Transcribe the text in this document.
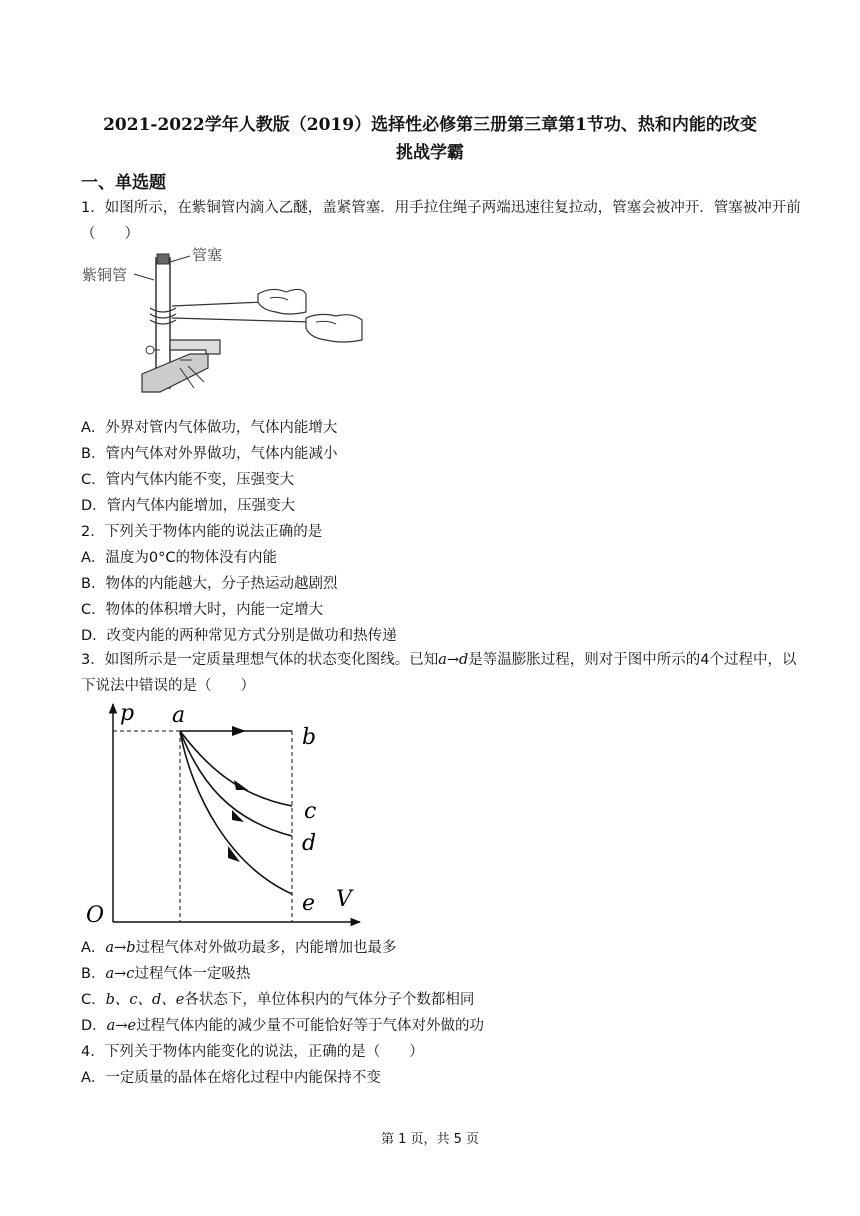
2021-2022学年人教版（2019）选择性必修第三册第三章第1节功、热和内能的改变
挑战学霸
一、单选题
1．如图所示，在紫铜管内滴入乙醚，盖紧管塞．用手拉住绳子两端迅速往复拉动，管塞会被冲开．管塞被冲开前（　　）
紫铜管
管塞
A．外界对管内气体做功，气体内能增大
B．管内气体对外界做功，气体内能减小
C．管内气体内能不变，压强变大
D．管内气体内能增加，压强变大
2．下列关于物体内能的说法正确的是
A．温度为0°C的物体没有内能
B．物体的内能越大，分子热运动越剧烈
C．物体的体积增大时，内能一定增大
D．改变内能的两种常见方式分别是做功和热传递
3．如图所示是一定质量理想气体的状态变化图线。已知a→d是等温膨胀过程，则对于图中所示的4个过程中，以下说法中错误的是（　　）
p
V
O
a
b
c
d
e
A．a→b过程气体对外做功最多，内能增加也最多
B．a→c过程气体一定吸热
C．b、c、d、e各状态下，单位体积内的气体分子个数都相同
D．a→e过程气体内能的减少量不可能恰好等于气体对外做的功
4．下列关于物体内能变化的说法，正确的是（　　）
A．一定质量的晶体在熔化过程中内能保持不变
第 1 页，共 5 页
